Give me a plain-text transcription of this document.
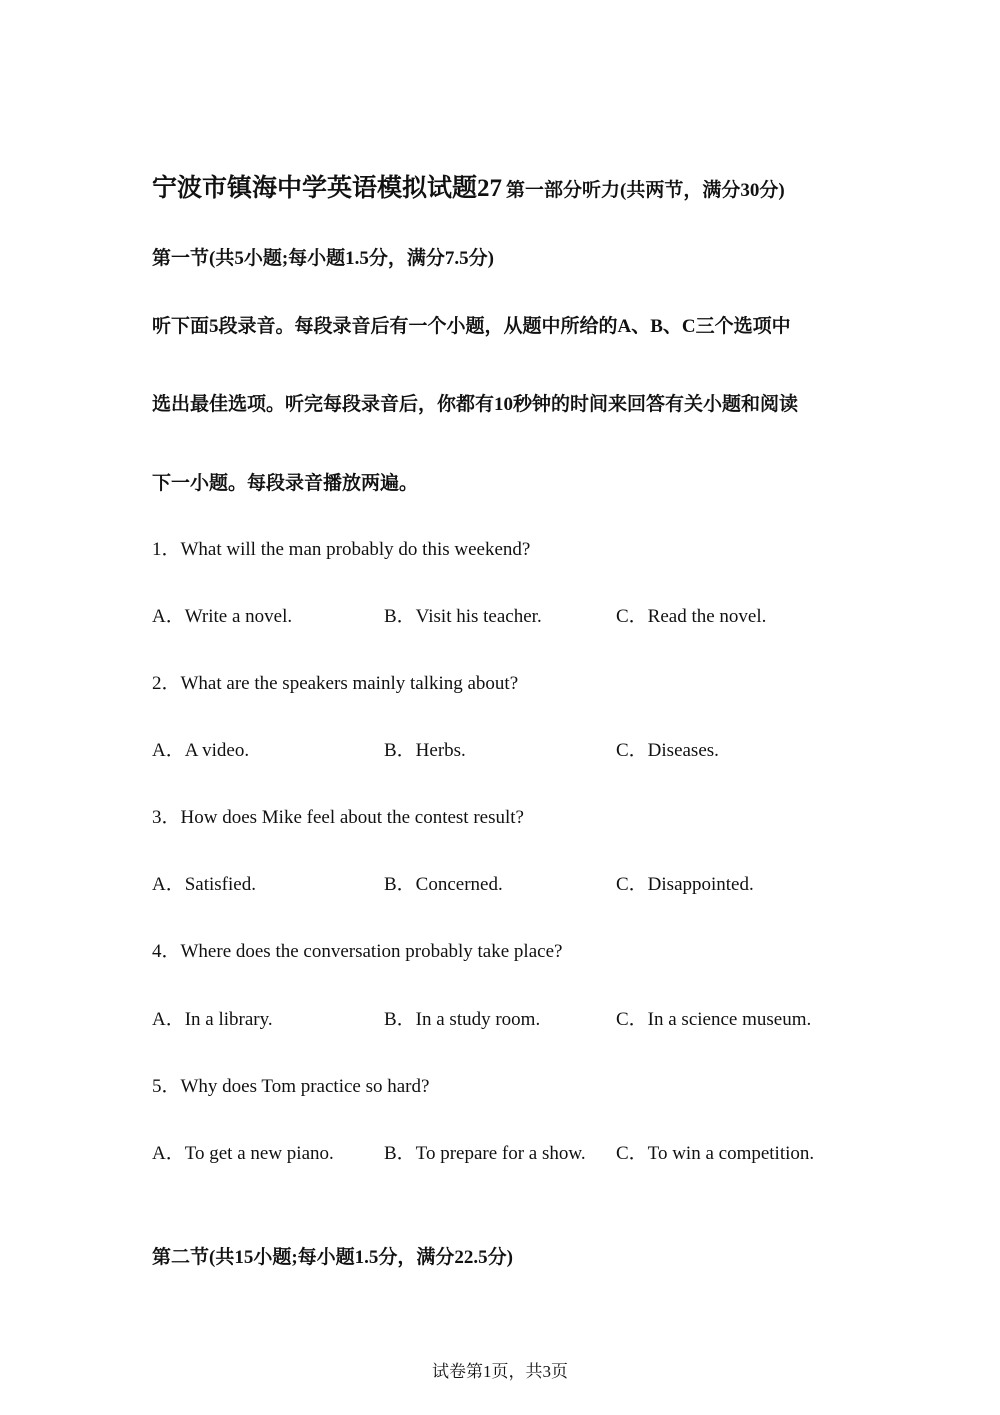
宁波市镇海中学英语模拟试题27 第一部分听力(共两节，满分30分)
第一节(共5小题;每小题1.5分，满分7.5分)
听下面5段录音。每段录音后有一个小题，从题中所给的A、B、C三个选项中
选出最佳选项。听完每段录音后，你都有10秒钟的时间来回答有关小题和阅读
下一小题。每段录音播放两遍。
1．What will the man probably do this weekend?
A．Write a novel.	B．Visit his teacher.	C．Read the novel.
2．What are the speakers mainly talking about?
A．A video.	B．Herbs.	C．Diseases.
3．How does Mike feel about the contest result?
A．Satisfied.	B．Concerned.	C．Disappointed.
4．Where does the conversation probably take place?
A．In a library.	B．In a study room.	C．In a science museum.
5．Why does Tom practice so hard?
A．To get a new piano.	B．To prepare for a show. C．To win a competition.
第二节(共15小题;每小题1.5分，满分22.5分)
试卷第1页，共3页
